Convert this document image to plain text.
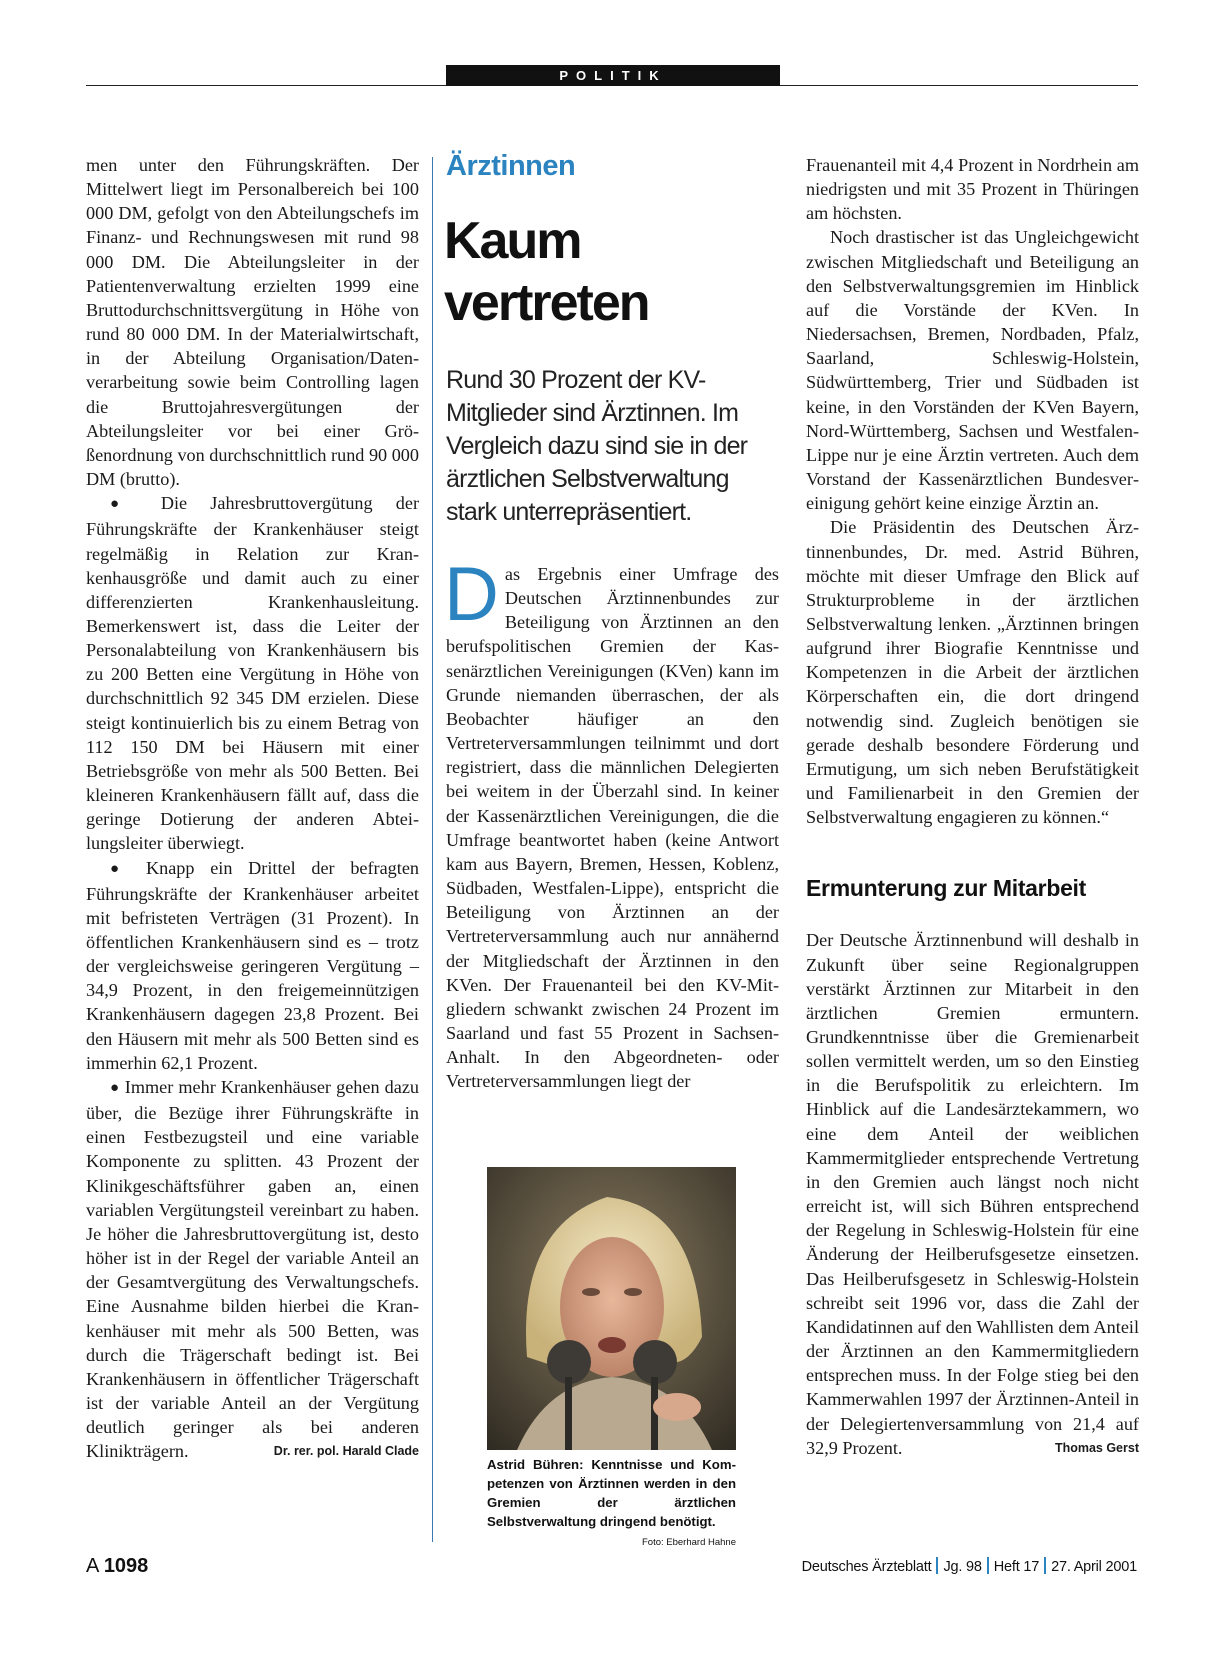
POLITIK

men unter den Führungskräften. Der Mittelwert liegt im Personalbereich bei 100 000 DM, gefolgt von den Abteilungschefs im Finanz- und Rechnungswesen mit rund 98 000 DM. Die Abteilungsleiter in der Patientenverwaltung erzielten 1999 eine Bruttodurchschnittsvergütung in Höhe von rund 80 000 DM. In der Materialwirtschaft, in der Abteilung Organisation/Datenverarbeitung sowie beim Controlling lagen die Bruttojahresvergütungen der Abteilungsleiter vor bei einer Größenordnung von durchschnittlich rund 90 000 DM (brutto).

● Die Jahresbruttovergütung der Führungskräfte der Krankenhäuser steigt regelmäßig in Relation zur Krankenhausgröße und damit auch zu einer differenzierten Krankenhausleitung. Bemerkenswert ist, dass die Leiter der Personalabteilung von Krankenhäusern bis zu 200 Betten eine Vergütung in Höhe von durchschnittlich 92 345 DM erzielen. Diese steigt kontinuierlich bis zu einem Betrag von 112 150 DM bei Häusern mit einer Betriebsgröße von mehr als 500 Betten. Bei kleineren Krankenhäusern fällt auf, dass die geringe Dotierung der anderen Abteilungsleiter überwiegt.

● Knapp ein Drittel der befragten Führungskräfte der Krankenhäuser arbeitet mit befristeten Verträgen (31 Prozent). In öffentlichen Krankenhäusern sind es – trotz der vergleichsweise geringeren Vergütung – 34,9 Prozent, in den freigemeinnützigen Krankenhäusern dagegen 23,8 Prozent. Bei den Häusern mit mehr als 500 Betten sind es immerhin 62,1 Prozent.

● Immer mehr Krankenhäuser gehen dazu über, die Bezüge ihrer Führungskräfte in einen Festbezugsteil und eine variable Komponente zu splitten. 43 Prozent der Klinikgeschäftsführer gaben an, einen variablen Vergütungsteil vereinbart zu haben. Je höher die Jahresbruttovergütung ist, desto höher ist in der Regel der variable Anteil an der Gesamtvergütung des Verwaltungschefs. Eine Ausnahme bilden hierbei die Krankenhäuser mit mehr als 500 Betten, was durch die Trägerschaft bedingt ist. Bei Krankenhäusern in öffentlicher Trägerschaft ist der variable Anteil an der Vergütung deutlich geringer als bei anderen Klinikträgern.	Dr. rer. pol. Harald Clade

Ärztinnen
Kaum
vertreten

Rund 30 Prozent der KV-Mitglieder sind Ärztinnen. Im Vergleich dazu sind sie in der ärztlichen Selbstverwaltung stark unterrepräsentiert.

Das Ergebnis einer Umfrage des Deutschen Ärztinnenbundes zur Beteiligung von Ärztinnen an den berufspolitischen Gremien der Kassenärztlichen Vereinigungen (KVen) kann im Grunde niemanden überraschen, der als Beobachter häufiger an den Vertreterversammlungen teilnimmt und dort registriert, dass die männlichen Delegierten bei weitem in der Überzahl sind. In keiner der Kassenärztlichen Vereinigungen, die die Umfrage beantwortet haben (keine Antwort kam aus Bayern, Bremen, Hessen, Koblenz, Südbaden, Westfalen-Lippe), entspricht die Beteiligung von Ärztinnen an der Vertreterversammlung auch nur annähernd der Mitgliedschaft der Ärztinnen in den KVen. Der Frauenanteil bei den KV-Mitgliedern schwankt zwischen 24 Prozent im Saarland und fast 55 Prozent in Sachsen-Anhalt. In den Abgeordneten- oder Vertreterversammlungen liegt der

Astrid Bühren: Kenntnisse und Kompetenzen von Ärztinnen werden in den Gremien der ärztlichen Selbstverwaltung dringend benötigt.
Foto: Eberhard Hahne

Frauenanteil mit 4,4 Prozent in Nordrhein am niedrigsten und mit 35 Prozent in Thüringen am höchsten.

Noch drastischer ist das Ungleichgewicht zwischen Mitgliedschaft und Beteiligung an den Selbstverwaltungsgremien im Hinblick auf die Vorstände der KVen. In Niedersachsen, Bremen, Nordbaden, Pfalz, Saarland, Schleswig-Holstein, Südwürttemberg, Trier und Südbaden ist keine, in den Vorständen der KVen Bayern, Nord-Württemberg, Sachsen und Westfalen-Lippe nur je eine Ärztin vertreten. Auch dem Vorstand der Kassenärztlichen Bundesvereinigung gehört keine einzige Ärztin an.

Die Präsidentin des Deutschen Ärztinnenbundes, Dr. med. Astrid Bühren, möchte mit dieser Umfrage den Blick auf Strukturprobleme in der ärztlichen Selbstverwaltung lenken. „Ärztinnen bringen aufgrund ihrer Biografie Kenntnisse und Kompetenzen in die Arbeit der ärztlichen Körperschaften ein, die dort dringend notwendig sind. Zugleich benötigen sie gerade deshalb besondere Förderung und Ermutigung, um sich neben Berufstätigkeit und Familienarbeit in den Gremien der Selbstverwaltung engagieren zu können.“

Ermunterung zur Mitarbeit

Der Deutsche Ärztinnenbund will deshalb in Zukunft über seine Regionalgruppen verstärkt Ärztinnen zur Mitarbeit in den ärztlichen Gremien ermuntern. Grundkenntnisse über die Gremienarbeit sollen vermittelt werden, um so den Einstieg in die Berufspolitik zu erleichtern. Im Hinblick auf die Landesärztekammern, wo eine dem Anteil der weiblichen Kammermitglieder entsprechende Vertretung in den Gremien auch längst noch nicht erreicht ist, will sich Bühren entsprechend der Regelung in Schleswig-Holstein für eine Änderung der Heilberufsgesetze einsetzen. Das Heilberufsgesetz in Schleswig-Holstein schreibt seit 1996 vor, dass die Zahl der Kandidatinnen auf den Wahllisten dem Anteil der Ärztinnen an den Kammermitgliedern entsprechen muss. In der Folge stieg bei den Kammerwahlen 1997 der Ärztinnen-Anteil in der Delegiertenversammlung von 21,4 auf 32,9 Prozent.	Thomas Gerst

A 1098	Deutsches Ärzteblatt Jg. 98 Heft 17 27. April 2001
